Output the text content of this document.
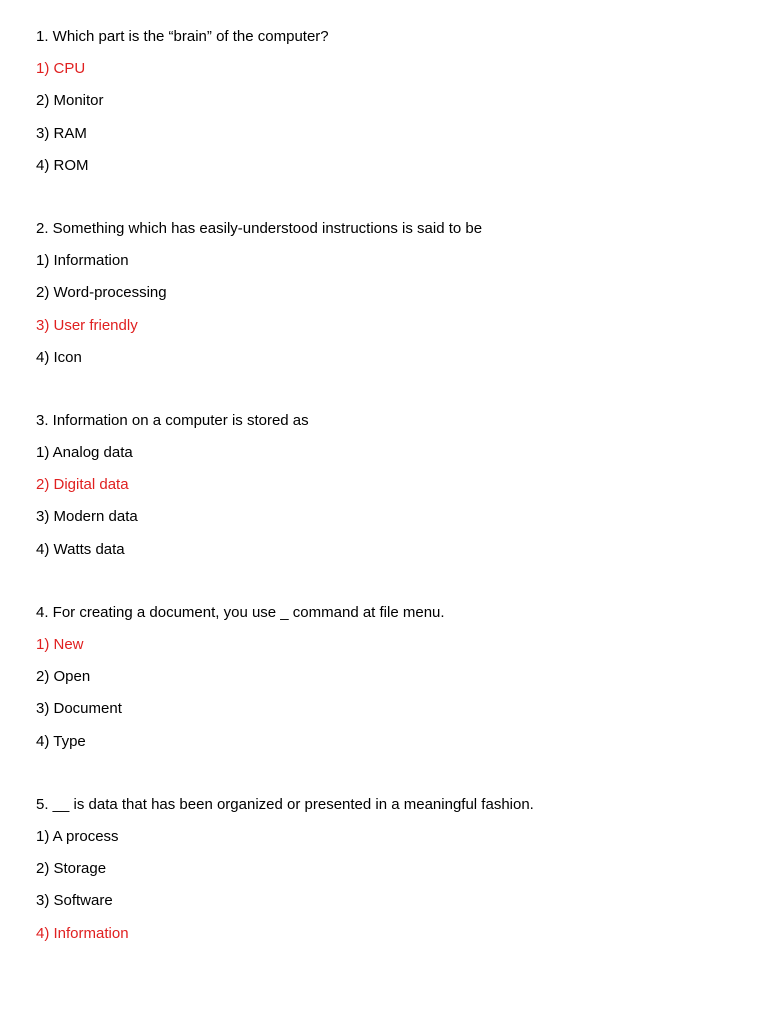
1. Which part is the “brain” of the computer?
1) CPU
2) Monitor
3) RAM
4) ROM
2. Something which has easily-understood instructions is said to be
1) Information
2) Word-processing
3) User friendly
4) Icon
3. Information on a computer is stored as
1) Analog data
2) Digital data
3) Modern data
4) Watts data
4. For creating a document, you use _ command at file menu.
1) New
2) Open
3) Document
4) Type
5. __ is data that has been organized or presented in a meaningful fashion.
1) A process
2) Storage
3) Software
4) Information
